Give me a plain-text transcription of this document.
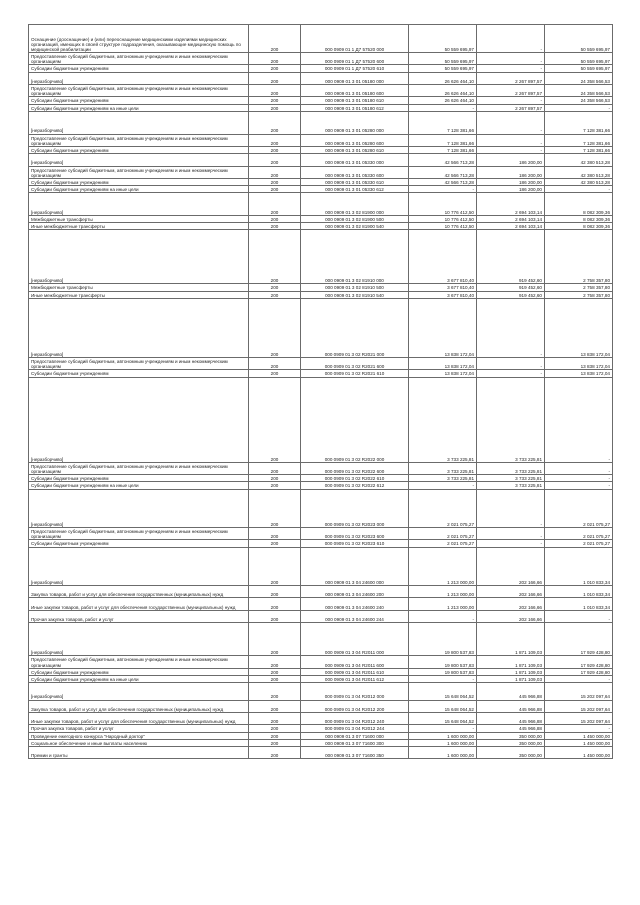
Оснащение (дооснащение) и (или) переоснащение медицинскими изделиями медицинских организаций, имеющих в своей структуре подразделения, оказывающие медицинскую помощь по медицинской реабилитации	200	000 0909 01 1 Д7 57520 000	50 559 695,97	-	50 559 695,97
Предоставление субсидий бюджетным, автономным учреждениям и иным некоммерческим организациям	200	000 0909 01 1 Д7 57520 600	50 559 695,97	-	50 559 695,97
Субсидии бюджетным учреждениям	200	000 0909 01 1 Д7 57520 610	50 559 695,97	-	50 559 695,97
[неразборчиво]	200	000 0909 01 3 01 05180 000	26 626 464,10	2 267 897,57	24 358 566,53
Предоставление субсидий бюджетным, автономным учреждениям и иным некоммерческим организациям	200	000 0909 01 3 01 05180 600	26 626 464,10	2 267 897,57	24 358 566,53
Субсидии бюджетным учреждениям	200	000 0909 01 3 01 05180 610	26 626 464,10	-	24 358 566,53
Субсидии бюджетным учреждениям на иные цели	200	000 0909 01 3 01 05180 612	-	2 267 897,57	-
[неразборчиво]	200	000 0909 01 3 01 05280 000	7 128 381,66	-	7 128 381,66
Предоставление субсидий бюджетным, автономным учреждениям и иным некоммерческим организациям	200	000 0909 01 3 01 05280 600	7 128 381,66	-	7 128 381,66
Субсидии бюджетным учреждениям	200	000 0909 01 3 01 05280 610	7 128 381,66	-	7 128 381,66
[неразборчиво]	200	000 0909 01 3 01 05330 000	42 566 713,28	186 200,00	42 380 513,28
Предоставление субсидий бюджетным, автономным учреждениям и иным некоммерческим организациям	200	000 0909 01 3 01 05330 600	42 566 713,28	186 200,00	42 380 513,28
Субсидии бюджетным учреждениям	200	000 0909 01 3 01 05330 610	42 566 713,28	186 200,00	42 380 513,28
Субсидии бюджетным учреждениям на иные цели	200	000 0909 01 3 01 05330 612	-	186 200,00	-
[неразборчиво]	200	000 0909 01 3 02 81900 000	10 776 412,50	2 694 103,14	8 082 309,36
Межбюджетные трансферты	200	000 0909 01 3 02 81900 500	10 776 412,50	2 694 103,14	8 082 309,36
Иные межбюджетные трансферты	200	000 0909 01 3 02 81900 540	10 776 412,50	2 694 103,14	8 082 309,36
[неразборчиво]	200	000 0909 01 3 02 81910 000	3 677 810,40	919 452,60	2 758 357,80
Межбюджетные трансферты	200	000 0909 01 3 02 81910 500	3 677 810,40	919 452,60	2 758 357,80
Иные межбюджетные трансферты	200	000 0909 01 3 02 81910 540	3 677 810,40	919 452,60	2 758 357,80
[неразборчиво]	200	000 0909 01 3 02 R2021 000	13 838 172,04	-	13 838 172,04
Предоставление субсидий бюджетным, автономным учреждениям и иным некоммерческим организациям	200	000 0909 01 3 02 R2021 600	13 838 172,04	-	13 838 172,04
Субсидии бюджетным учреждениям	200	000 0909 01 3 02 R2021 610	13 838 172,04	-	13 838 172,04
[неразборчиво]	200	000 0909 01 3 02 R2022 000	3 733 225,81	3 733 225,81	-
Предоставление субсидий бюджетным, автономным учреждениям и иным некоммерческим организациям	200	000 0909 01 3 02 R2022 600	3 733 225,81	3 733 225,81	-
Субсидии бюджетным учреждениям	200	000 0909 01 3 02 R2022 610	3 733 225,81	3 733 225,81	-
Субсидии бюджетным учреждениям на иные цели	200	000 0909 01 3 02 R2022 612	-	3 733 225,81	-
[неразборчиво]	200	000 0909 01 3 02 R2023 000	2 021 075,27	-	2 021 075,27
Предоставление субсидий бюджетным, автономным учреждениям и иным некоммерческим организациям	200	000 0909 01 3 02 R2023 600	2 021 075,27	-	2 021 075,27
Субсидии бюджетным учреждениям	200	000 0909 01 3 02 R2023 610	2 021 075,27	-	2 021 075,27
[неразборчиво]	200	000 0909 01 3 04 24600 000	1 213 000,00	202 166,66	1 010 833,34
Закупка товаров, работ и услуг для обеспечения государственных (муниципальных) нужд	200	000 0909 01 3 04 24600 200	1 213 000,00	202 166,66	1 010 833,34
Иные закупки товаров, работ и услуг для обеспечения государственных (муниципальных) нужд	200	000 0909 01 3 04 24600 240	1 213 000,00	202 166,66	1 010 833,34
Прочая закупка товаров, работ и услуг	200	000 0909 01 3 04 24600 244	-	202 166,66	-
[неразборчиво]	200	000 0909 01 3 04 R2011 000	19 800 537,83	1 871 109,03	17 929 428,80
Предоставление субсидий бюджетным, автономным учреждениям и иным некоммерческим организациям	200	000 0909 01 3 04 R2011 600	19 800 537,83	1 871 109,03	17 929 428,80
Субсидии бюджетным учреждениям	200	000 0909 01 3 04 R2011 610	19 800 537,83	1 871 109,03	17 929 428,80
Субсидии бюджетным учреждениям на иные цели	200	000 0909 01 3 04 R2011 612	-	1 871 109,03	-
[неразборчиво]	200	000 0909 01 3 04 R2012 000	15 648 064,52	445 966,88	15 202 097,64
Закупка товаров, работ и услуг для обеспечения государственных (муниципальных) нужд	200	000 0909 01 3 04 R2012 200	15 648 064,52	445 966,88	15 202 097,64
Иные закупки товаров, работ и услуг для обеспечения государственных (муниципальных) нужд	200	000 0909 01 3 04 R2012 240	15 648 064,52	445 966,88	15 202 097,64
Прочая закупка товаров, работ и услуг	200	000 0909 01 3 04 R2012 244	-	445 966,88	-
Проведение ежегодного конкурса "Народный доктор"	200	000 0909 01 3 07 71600 000	1 600 000,00	350 000,00	1 450 000,00
Социальное обеспечение и иные выплаты населению	200	000 0909 01 3 07 71600 300	1 600 000,00	350 000,00	1 450 000,00
Премии и гранты	200	000 0909 01 3 07 71600 350	1 600 000,00	350 000,00	1 450 000,00
